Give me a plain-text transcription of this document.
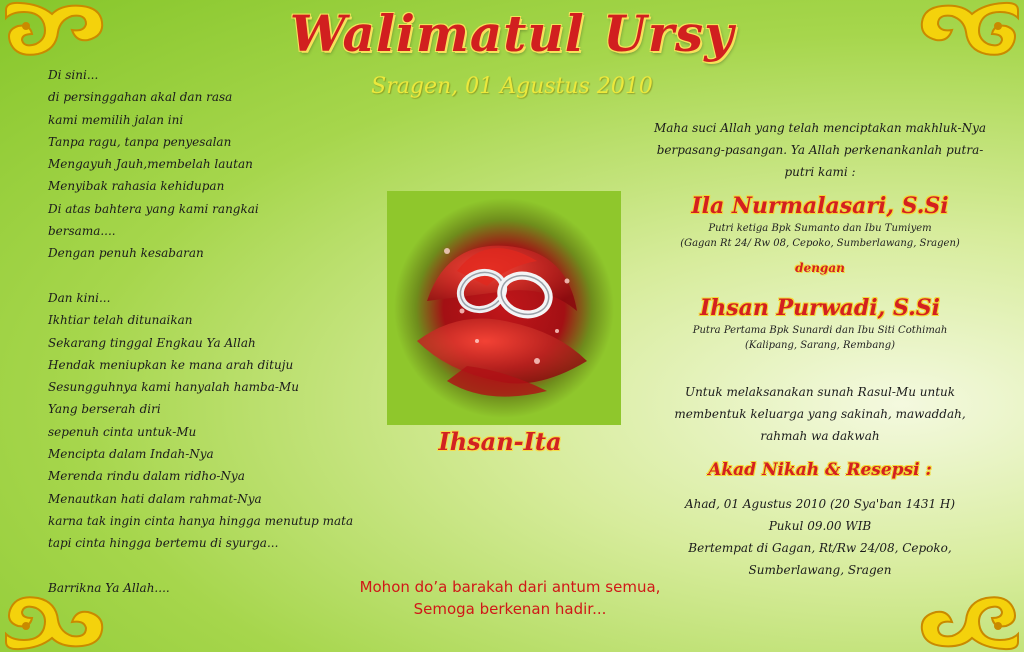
Walimatul Ursy
Sragen, 01 Agustus 2010
Di sini...
di persinggahan akal dan rasa
kami memilih jalan ini
Tanpa ragu, tanpa penyesalan
Mengayuh Jauh,membelah lautan
Menyibak rahasia kehidupan
Di atas bahtera yang kami rangkai
bersama....
Dengan penuh kesabaran
Dan kini...
Ikhtiar telah ditunaikan
Sekarang tinggal Engkau Ya Allah
Hendak meniupkan ke mana arah dituju
Sesungguhnya kami hanyalah hamba-Mu
Yang berserah diri
sepenuh cinta untuk-Mu
Mencipta dalam Indah-Nya
Merenda rindu dalam ridho-Nya
Menautkan hati dalam rahmat-Nya
karna tak ingin cinta hanya hingga menutup mata
tapi cinta hingga bertemu di syurga...
Barrikna Ya Allah....
Ihsan-Ita
Maha suci Allah yang telah menciptakan makhluk-Nya
berpasang-pasangan. Ya Allah perkenankanlah putra-
putri kami :
Ila Nurmalasari, S.Si
Putri ketiga Bpk Sumanto dan Ibu Tumiyem
(Gagan Rt 24/ Rw 08, Cepoko, Sumberlawang, Sragen)
dengan
Ihsan Purwadi, S.Si
Putra Pertama Bpk Sunardi dan Ibu Siti Cothimah
(Kalipang, Sarang, Rembang)
Untuk melaksanakan sunah Rasul-Mu untuk
membentuk keluarga yang sakinah, mawaddah,
rahmah wa dakwah
Akad Nikah & Resepsi :
Ahad, 01 Agustus 2010 (20 Sya'ban 1431 H)
Pukul 09.00 WIB
Bertempat di Gagan, Rt/Rw 24/08, Cepoko,
Sumberlawang, Sragen
Mohon do’a barakah dari antum semua,
Semoga berkenan hadir...
